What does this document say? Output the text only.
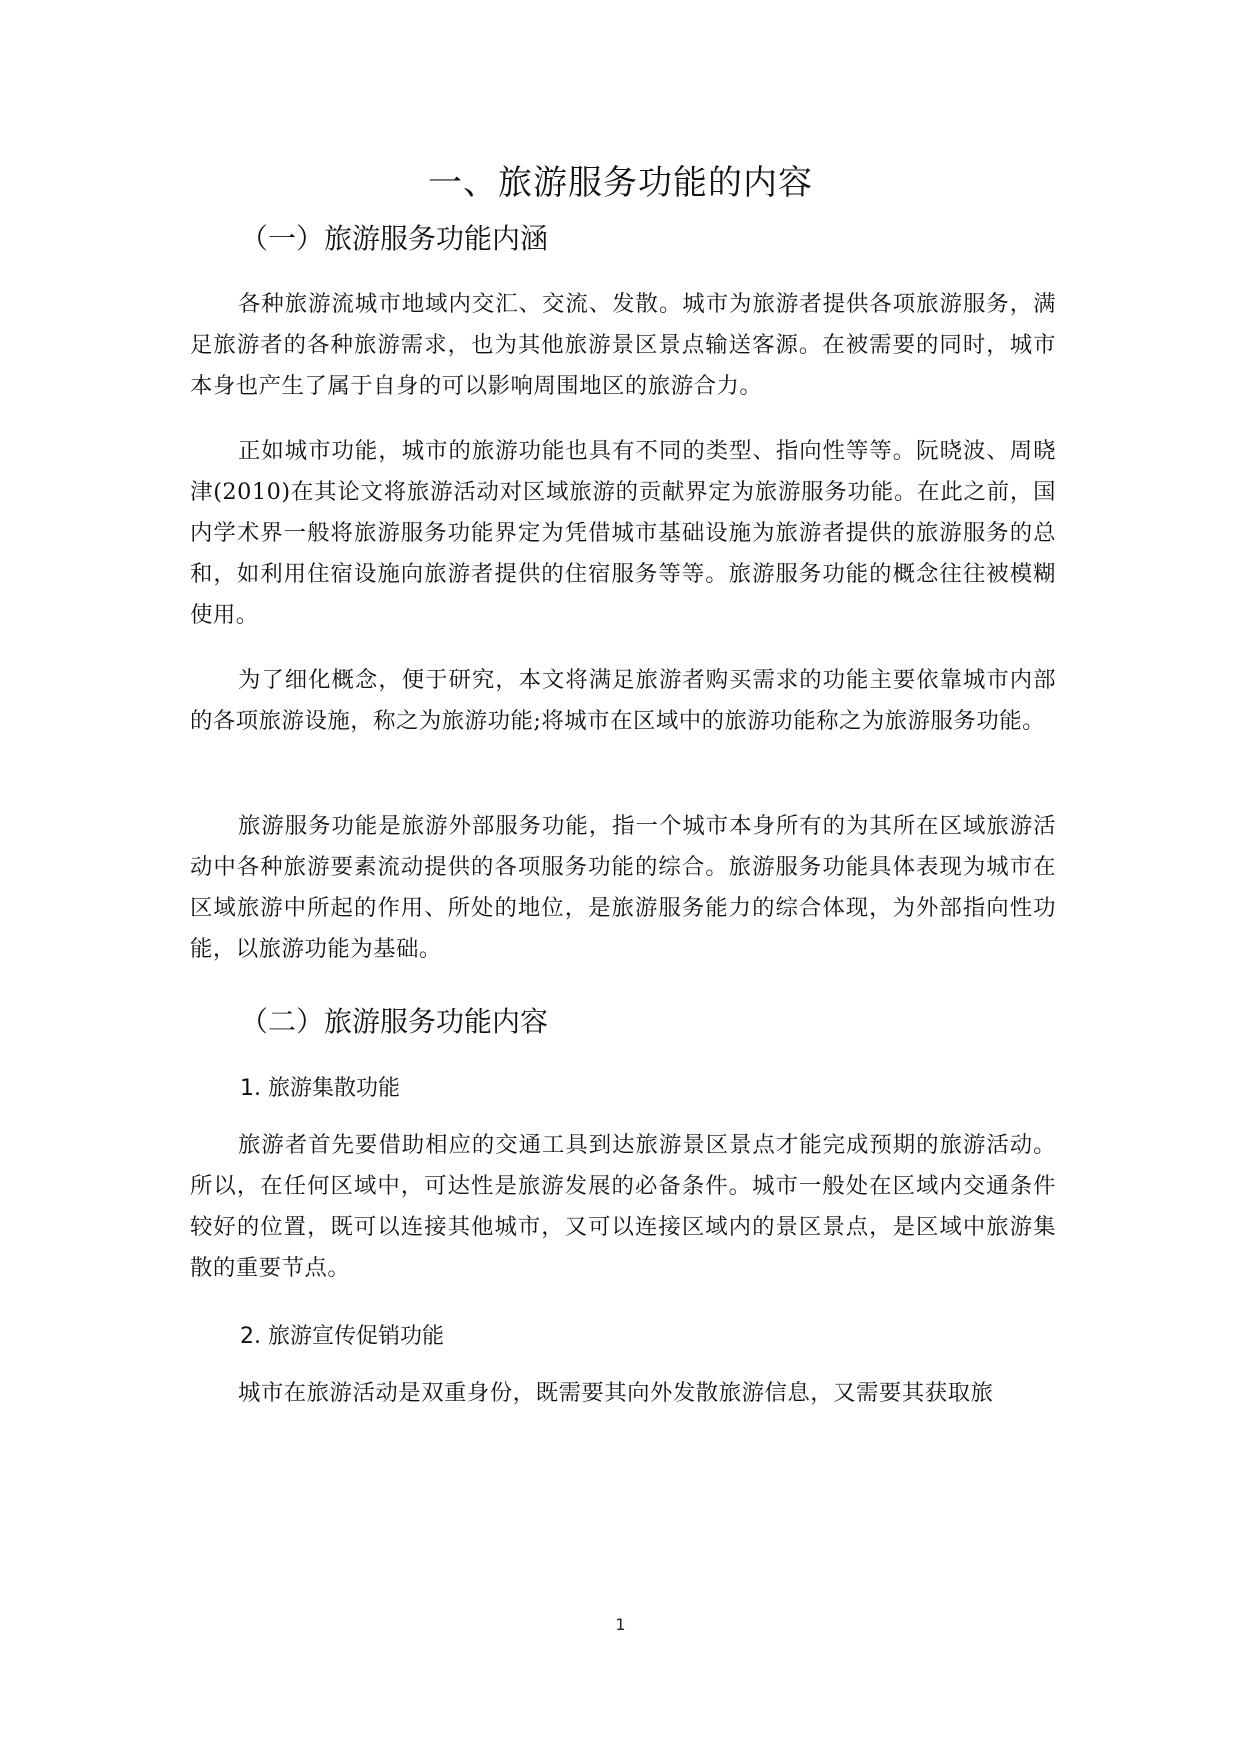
一、旅游服务功能的内容
（一）旅游服务功能内涵

各种旅游流城市地域内交汇、交流、发散。城市为旅游者提供各项旅游服务，满足旅游者的各种旅游需求，也为其他旅游景区景点输送客源。在被需要的同时，城市本身也产生了属于自身的可以影响周围地区的旅游合力。

正如城市功能，城市的旅游功能也具有不同的类型、指向性等等。阮晓波、周晓津(2010)在其论文将旅游活动对区域旅游的贡献界定为旅游服务功能。在此之前，国内学术界一般将旅游服务功能界定为凭借城市基础设施为旅游者提供的旅游服务的总和，如利用住宿设施向旅游者提供的住宿服务等等。旅游服务功能的概念往往被模糊使用。

为了细化概念，便于研究，本文将满足旅游者购买需求的功能主要依靠城市内部的各项旅游设施，称之为旅游功能;将城市在区域中的旅游功能称之为旅游服务功能。

旅游服务功能是旅游外部服务功能，指一个城市本身所有的为其所在区域旅游活动中各种旅游要素流动提供的各项服务功能的综合。旅游服务功能具体表现为城市在区域旅游中所起的作用、所处的地位，是旅游服务能力的综合体现，为外部指向性功能，以旅游功能为基础。

（二）旅游服务功能内容
1. 旅游集散功能

旅游者首先要借助相应的交通工具到达旅游景区景点才能完成预期的旅游活动。所以，在任何区域中，可达性是旅游发展的必备条件。城市一般处在区域内交通条件较好的位置，既可以连接其他城市，又可以连接区域内的景区景点，是区域中旅游集散的重要节点。

2. 旅游宣传促销功能

城市在旅游活动是双重身份，既需要其向外发散旅游信息，又需要其获取旅

1
